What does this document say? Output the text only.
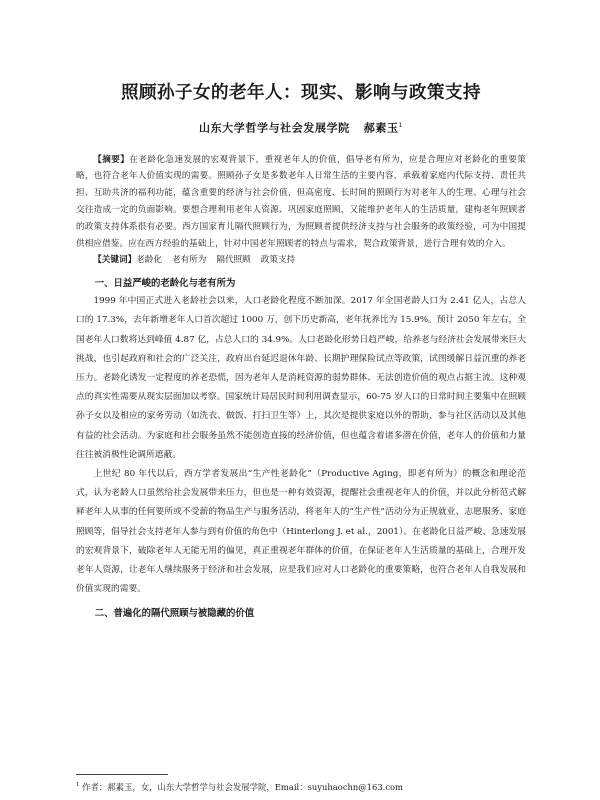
照顾孙子女的老年人：现实、影响与政策支持
山东大学哲学与社会发展学院 郝素玉$^1$
【摘要】在老龄化急速发展的宏观背景下，重视老年人的价值，倡导老有所为，应是合理应对老龄化的重要策略，也符合老年人价值实现的需要。照顾孙子女是多数老年人日常生活的主要内容，承载着家庭内代际支持、责任共担、互助共济的福利功能，蕴含重要的经济与社会价值，但高密度、长时间的照顾行为对老年人的生理、心理与社会交往造成一定的负面影响。要想合理利用老年人资源、巩固家庭照顾，又能维护老年人的生活质量，建构老年照顾者的政策支持体系很有必要。西方国家育儿隔代照顾行为，为照顾者提供经济支持与社会服务的政策经验，可为中国提供相应借鉴。应在西方经验的基础上，针对中国老年照顾者的特点与需求，契合政策背景，进行合理有效的介入。
【关键词】老龄化 老有所为 隔代照顾 政策支持
一、日益严峻的老龄化与老有所为

1999 年中国正式进入老龄社会以来，人口老龄化程度不断加深。2017 年全国老龄人口为 2.41 亿人，占总人口的 17.3%，去年新增老年人口首次超过 1000 万，创下历史新高，老年抚养比为 15.9%。预计 2050 年左右，全国老年人口数将达到峰值 4.87 亿，占总人口的 34.9%。人口老龄化形势日趋严峻，给养老与经济社会发展带来巨大挑战，也引起政府和社会的广泛关注，政府出台延迟退休年龄、长期护理保险试点等政策，试图缓解日益沉重的养老压力。老龄化诱发一定程度的养老恐慌，因为老年人是消耗资源的弱势群体、无法创造价值的观点占据主流。这种观点的真实性需要从现实层面加以考察。国家统计局居民时间利用调查显示，60-75 岁人口的日常时间主要集中在照顾孙子女以及相应的家务劳动（如洗衣、做饭、打扫卫生等）上，其次是提供家庭以外的帮助、参与社区活动以及其他有益的社会活动。为家庭和社会服务虽然不能创造直接的经济价值，但也蕴含着诸多潜在价值，老年人的价值和力量往往被消极性论调所遮蔽。

上世纪 80 年代以后，西方学者发展出“生产性老龄化”（Productive Aging，即老有所为）的概念和理论范式，认为老龄人口虽然给社会发展带来压力，但也是一种有效资源，提醒社会重视老年人的价值，并以此分析范式解释老年人从事的任何要所或不受薪的物品生产与服务活动，将老年人的“生产性”活动分为正规就业、志愿服务、家庭照顾等，倡导社会支持老年人参与到有价值的角色中（Hinterlong J. et al.，2001）。在老龄化日益严峻、急速发展的宏观背景下，破除老年人无能无用的偏见，真正重视老年群体的价值，在保证老年人生活质量的基础上，合理开发老年人资源，让老年人继续服务于经济和社会发展，应是我们应对人口老龄化的重要策略，也符合老年人自我发展和价值实现的需要。

二、普遍化的隔代照顾与被隐藏的价值
$^1$ 作者：郝素玉，女，山东大学哲学与社会发展学院，Email：suyuhaochn@163.com
